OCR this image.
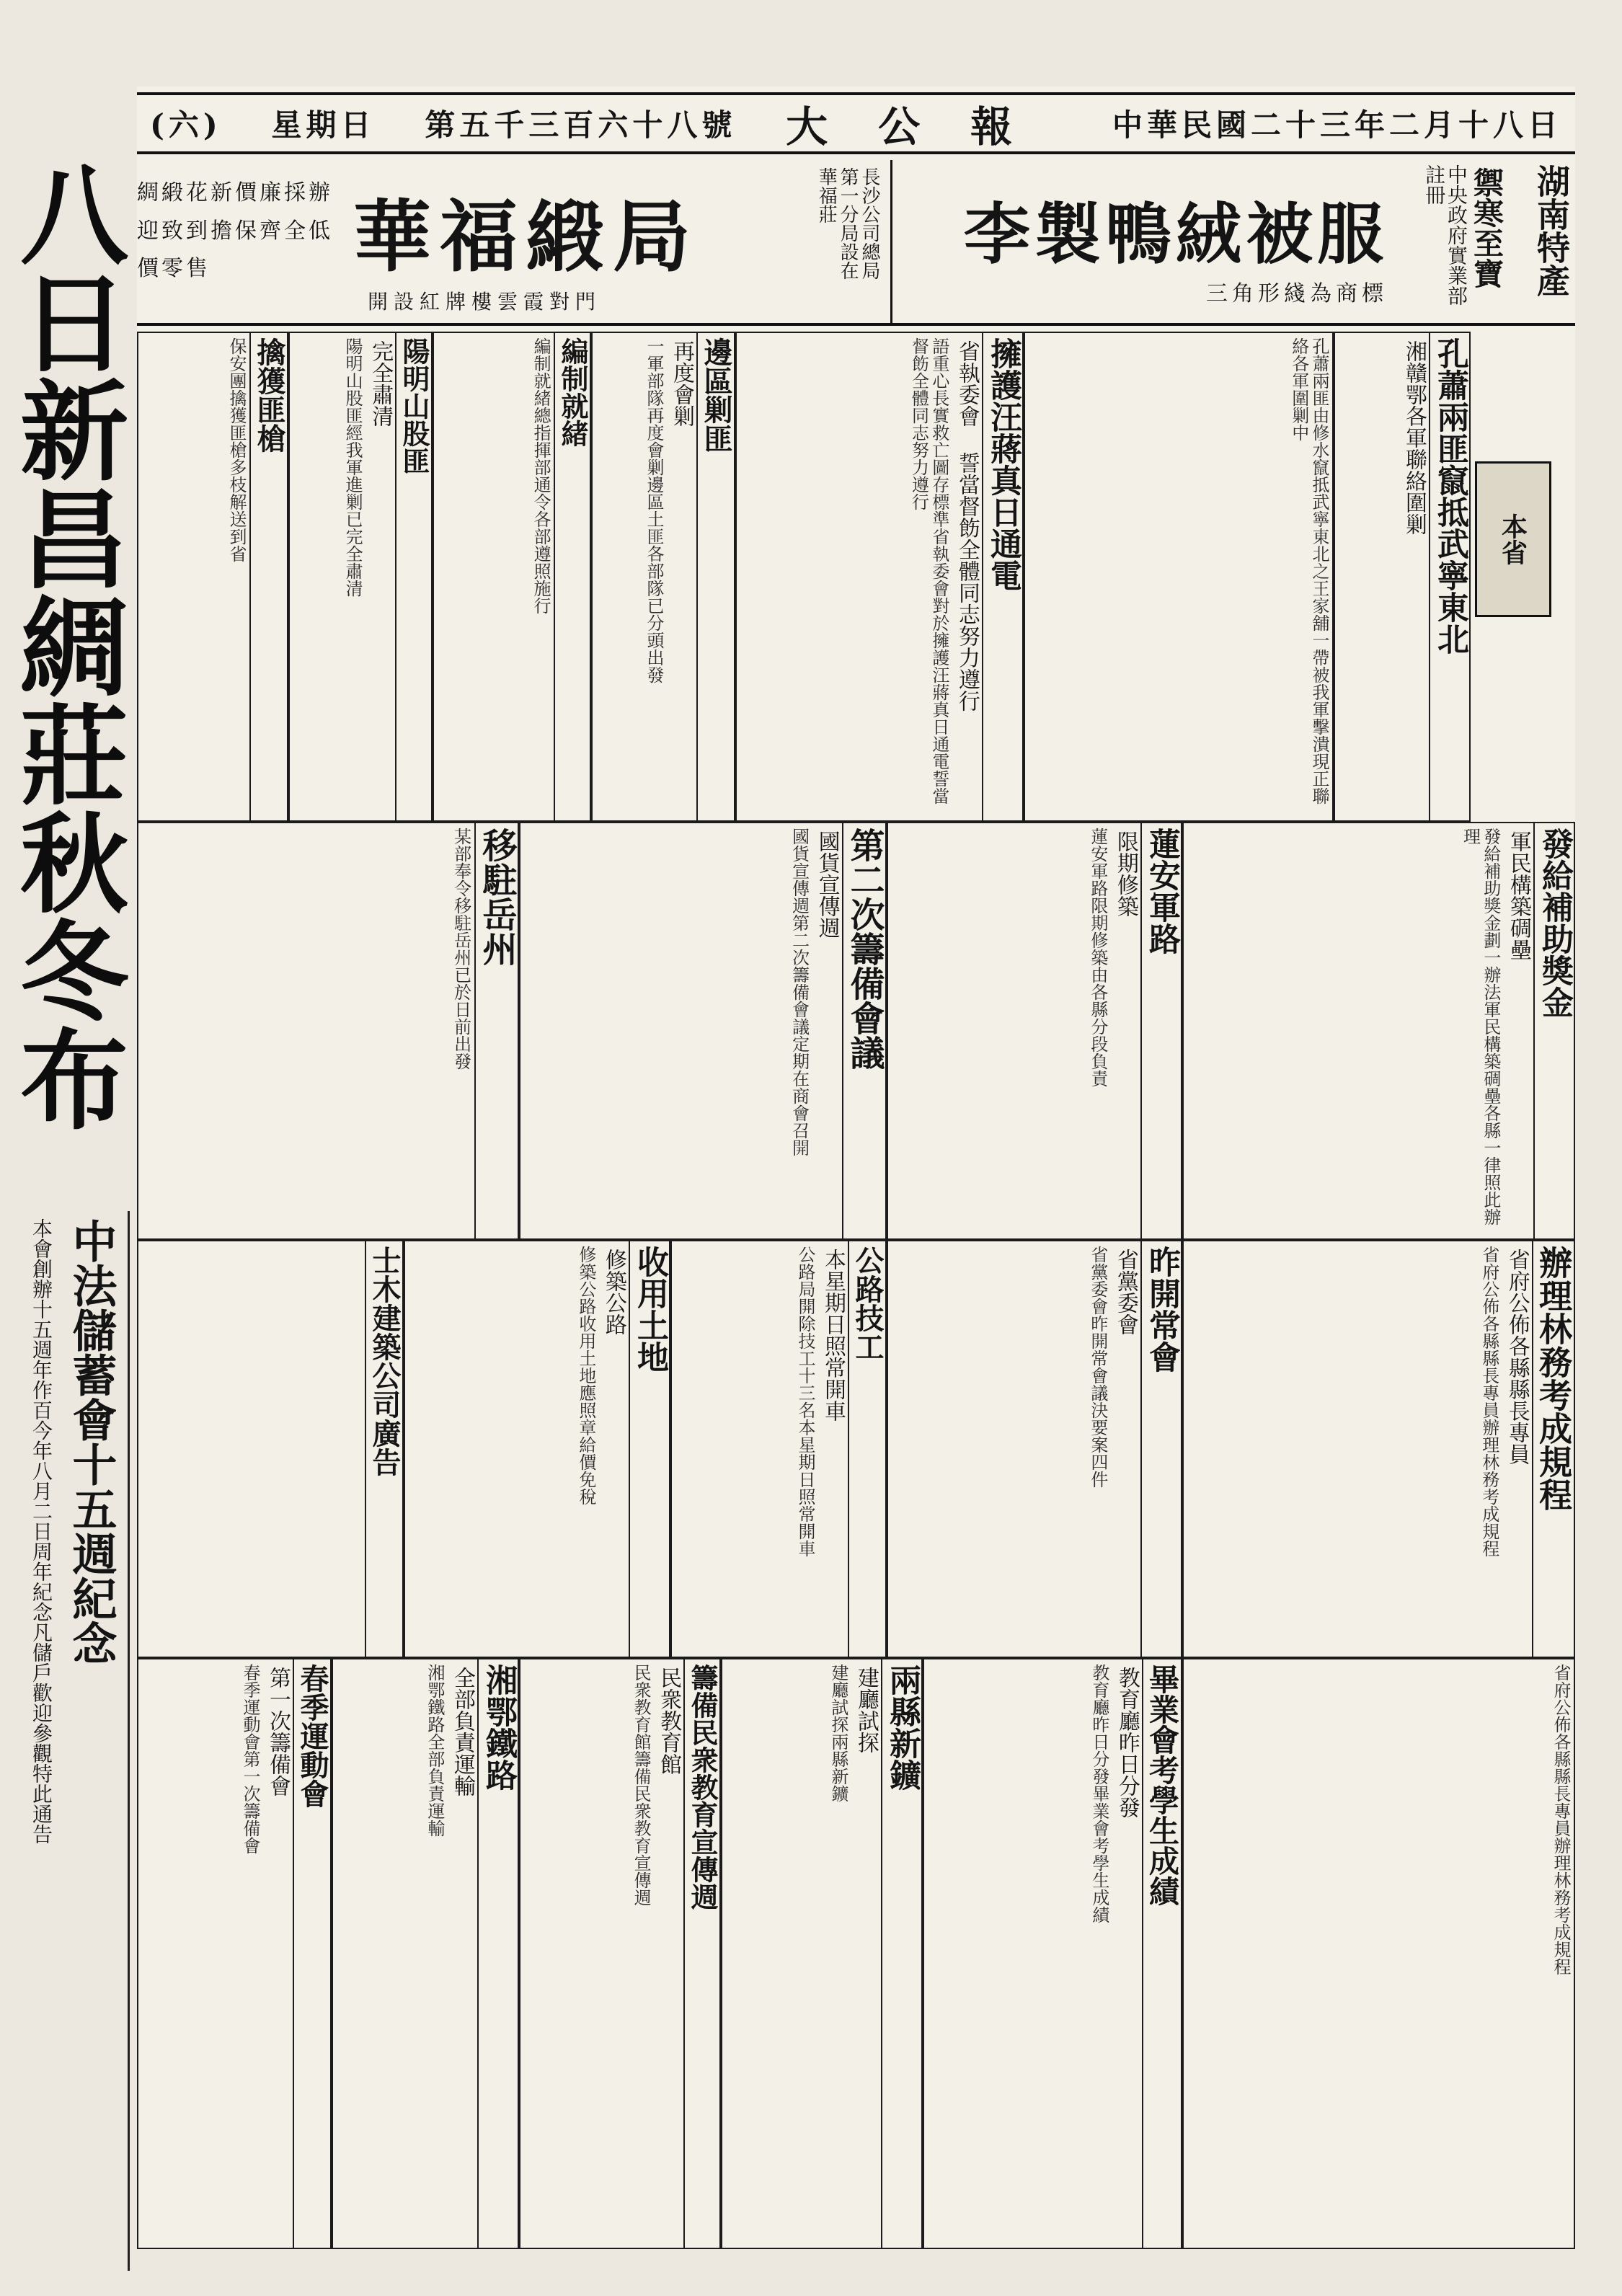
(六) 星期日 第五千三百六十八號 大公報 中華民國二十三年二月十八日
八日新昌綢莊秋冬布
中法儲蓄會十五週紀念
本會創辦十五週年作百今年八月二日周年紀念凡儲戶歡迎參觀特此通告
湖南特產
禦寒至寶
中央政府實業部註冊
李製鴨絨被服
三角形綫為商標
綢緞花新價廉採辦迎致到擔保齊全低價零售	華福緞局
開設紅牌樓雲霞對門
長沙公司總局 第一分局設在 華福莊
本省
孔蕭兩匪竄抵武寧東北
湘贛鄂各軍聯絡圍剿
孔蕭兩匪由修水竄抵武寧東北之王家舖一帶被我軍擊潰現正聯絡各軍圍剿中
擁護汪蔣真日通電
省執委會 誓當督飭全體同志努力遵行
語重心長實救亡圖存標準省執委會對於擁護汪蔣真日通電誓當督飭全體同志努力遵行
邊區剿匪
再度會剿
一軍部隊再度會剿邊區土匪各部隊已分頭出發
編制就緒
編制就緒總指揮部通令各部遵照施行
陽明山股匪
完全肅清
陽明山股匪經我軍進剿已完全肅清
擒獲匪槍
保安團擒獲匪槍多枝解送到省
發給補助獎金
軍民構築碉壘
發給補助獎金劃一辦法軍民構築碉壘各縣一律照此辦理
蓮安軍路
限期修築
蓮安軍路限期修築由各縣分段負責
第二次籌備會議
國貨宣傳週
國貨宣傳週第二次籌備會議定期在商會召開
移駐岳州
某部奉令移駐岳州已於日前出發
辦理林務考成規程
省府公佈各縣縣長專員
省府公佈各縣縣長專員辦理林務考成規程
昨開常會
省黨委會
省黨委會昨開常會議決要案四件
公路技工
本星期日照常開車
公路局開除技工十三名本星期日照常開車
收用土地
修築公路
修築公路收用土地應照章給價免稅
士木建築公司廣告
省府公佈各縣縣長專員辦理林務考成規程
畢業會考學生成績
教育廳昨日分發
教育廳昨日分發畢業會考學生成績
兩縣新鑛
建廳試探
建廳試探兩縣新鑛
籌備民衆教育宣傳週
民衆教育館
民衆教育館籌備民衆教育宣傳週
湘鄂鐵路
全部負責運輸
湘鄂鐵路全部負責運輸
春季運動會
第一次籌備會
春季運動會第一次籌備會
